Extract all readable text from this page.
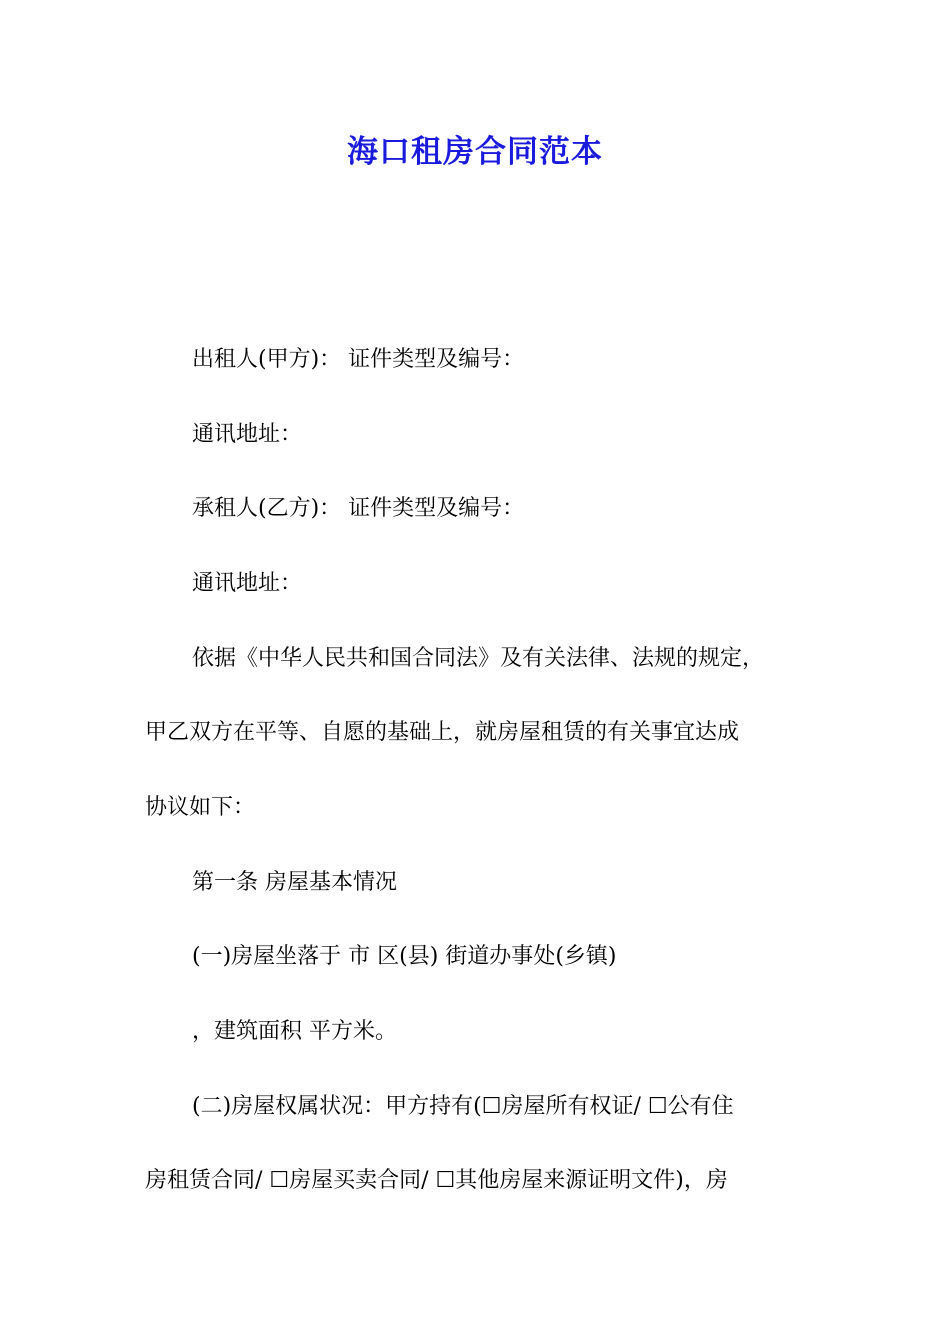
海口租房合同范本
出租人(甲方)： 证件类型及编号：
通讯地址：
承租人(乙方)： 证件类型及编号：
通讯地址：
依据《中华人民共和国合同法》及有关法律、法规的规定，
甲乙双方在平等、自愿的基础上，就房屋租赁的有关事宜达成
协议如下：
第一条 房屋基本情况
(一)房屋坐落于 市 区(县) 街道办事处(乡镇)
，建筑面积 平方米。
(二)房屋权属状况：甲方持有(☐房屋所有权证/ ☐公有住
房租赁合同/ ☐房屋买卖合同/ ☐其他房屋来源证明文件)，房
